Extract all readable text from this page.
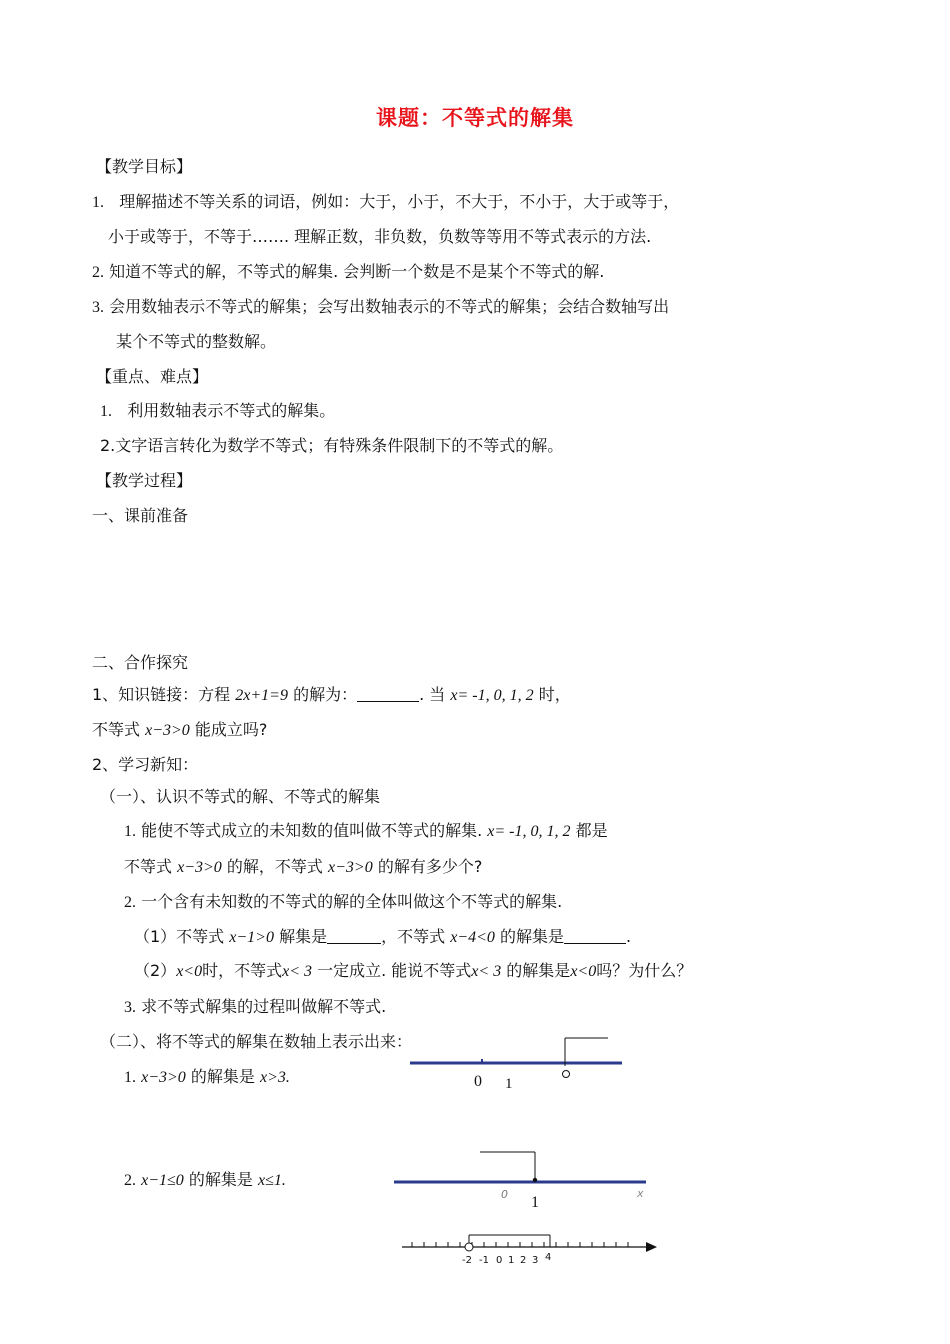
课题：不等式的解集
【教学目标】
1. 理解描述不等关系的词语，例如：大于，小于，不大于，不小于，大于或等于，
小于或等于，不等于……. 理解正数，非负数，负数等等用不等式表示的方法.
2. 知道不等式的解，不等式的解集. 会判断一个数是不是某个不等式的解.
3. 会用数轴表示不等式的解集；会写出数轴表示的不等式的解集；会结合数轴写出
某个不等式的整数解。
【重点、难点】
1. 利用数轴表示不等式的解集。
2.文字语言转化为数学不等式；有特殊条件限制下的不等式的解。
【教学过程】
一、课前准备
二、合作探究
1、知识链接：方程 2x+1=9 的解为：	. 当 x= -1, 0, 1, 2 时，
不等式 x−3>0 能成立吗?
2、学习新知：
（一）、认识不等式的解、不等式的解集
1. 能使不等式成立的未知数的值叫做不等式的解集. x= -1, 0, 1, 2 都是
不等式 x−3>0 的解，不等式 x−3>0 的解有多少个?
2. 一个含有未知数的不等式的解的全体叫做这个不等式的解集.
（1）不等式 x−1>0 解集是	，不等式 x−4<0 的解集是	.
（2）x<0时，不等式x< 3 一定成立. 能说不等式x< 3 的解集是x<0吗？为什么？
3. 求不等式解集的过程叫做解不等式.
（二）、将不等式的解集在数轴上表示出来：
1. x−3>0 的解集是 x>3.
2. x−1≤0 的解集是 x≤1.
0 1
0 1
x
-2 -1 0 1 2 3 4
